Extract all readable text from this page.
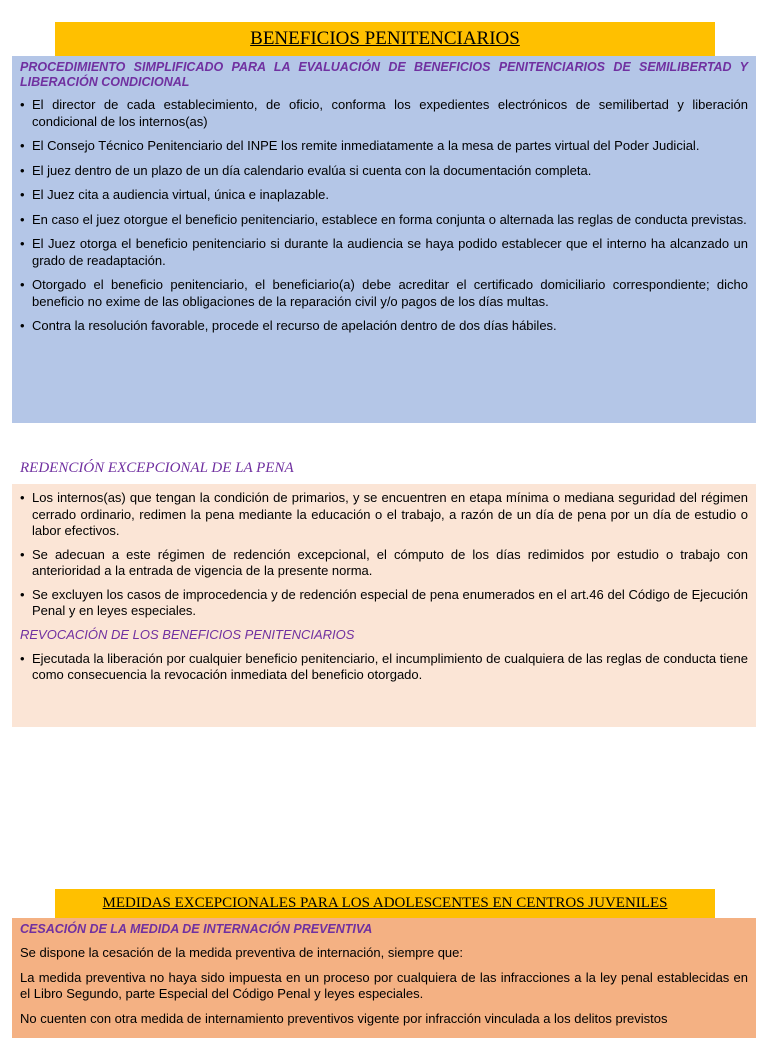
BENEFICIOS PENITENCIARIOS
PROCEDIMIENTO SIMPLIFICADO PARA LA EVALUACIÓN DE BENEFICIOS PENITENCIARIOS DE SEMILIBERTAD Y LIBERACIÓN CONDICIONAL
• El director de cada establecimiento, de oficio, conforma los expedientes electrónicos de semilibertad y liberación condicional de los internos(as)
• El Consejo Técnico Penitenciario del INPE los remite inmediatamente a la mesa de partes virtual del Poder Judicial.
• El juez dentro de un plazo de un día calendario evalúa si cuenta con la documentación completa.
• El Juez cita a audiencia virtual, única e inaplazable.
• En caso el juez otorgue el beneficio penitenciario, establece en forma conjunta o alternada las reglas de conducta previstas.
• El Juez otorga el beneficio penitenciario si durante la audiencia se haya podido establecer que el interno ha alcanzado un grado de readaptación.
• Otorgado el beneficio penitenciario, el beneficiario(a) debe acreditar el certificado domiciliario correspondiente; dicho beneficio no exime de las obligaciones de la reparación civil y/o pagos de los días multas.
• Contra la resolución favorable, procede el recurso de apelación dentro de dos días hábiles.
REDENCIÓN EXCEPCIONAL DE LA PENA
• Los internos(as) que tengan la condición de primarios, y se encuentren en etapa mínima o mediana seguridad del régimen cerrado ordinario, redimen la pena mediante la educación o el trabajo, a razón de un día de pena por un día de estudio o labor efectivos.
• Se adecuan a este régimen de redención excepcional, el cómputo de los días redimidos por estudio o trabajo con anterioridad a la entrada de vigencia de la presente norma.
• Se excluyen los casos de improcedencia y de redención especial de pena enumerados en el art.46 del Código de Ejecución Penal y en leyes especiales.
REVOCACIÓN DE LOS BENEFICIOS PENITENCIARIOS
• Ejecutada la liberación por cualquier beneficio penitenciario, el incumplimiento de cualquiera de las reglas de conducta tiene como consecuencia la revocación inmediata del beneficio otorgado.
MEDIDAS EXCEPCIONALES PARA LOS ADOLESCENTES EN CENTROS JUVENILES
CESACIÓN DE LA MEDIDA DE INTERNACIÓN PREVENTIVA

Se dispone la cesación de la medida preventiva de internación, siempre que:

La medida preventiva no haya sido impuesta en un proceso por cualquiera de las infracciones a la ley penal establecidas en el Libro Segundo, parte Especial del Código Penal y leyes especiales.

No cuenten con otra medida de internamiento preventivos vigente por infracción vinculada a los delitos previstos
